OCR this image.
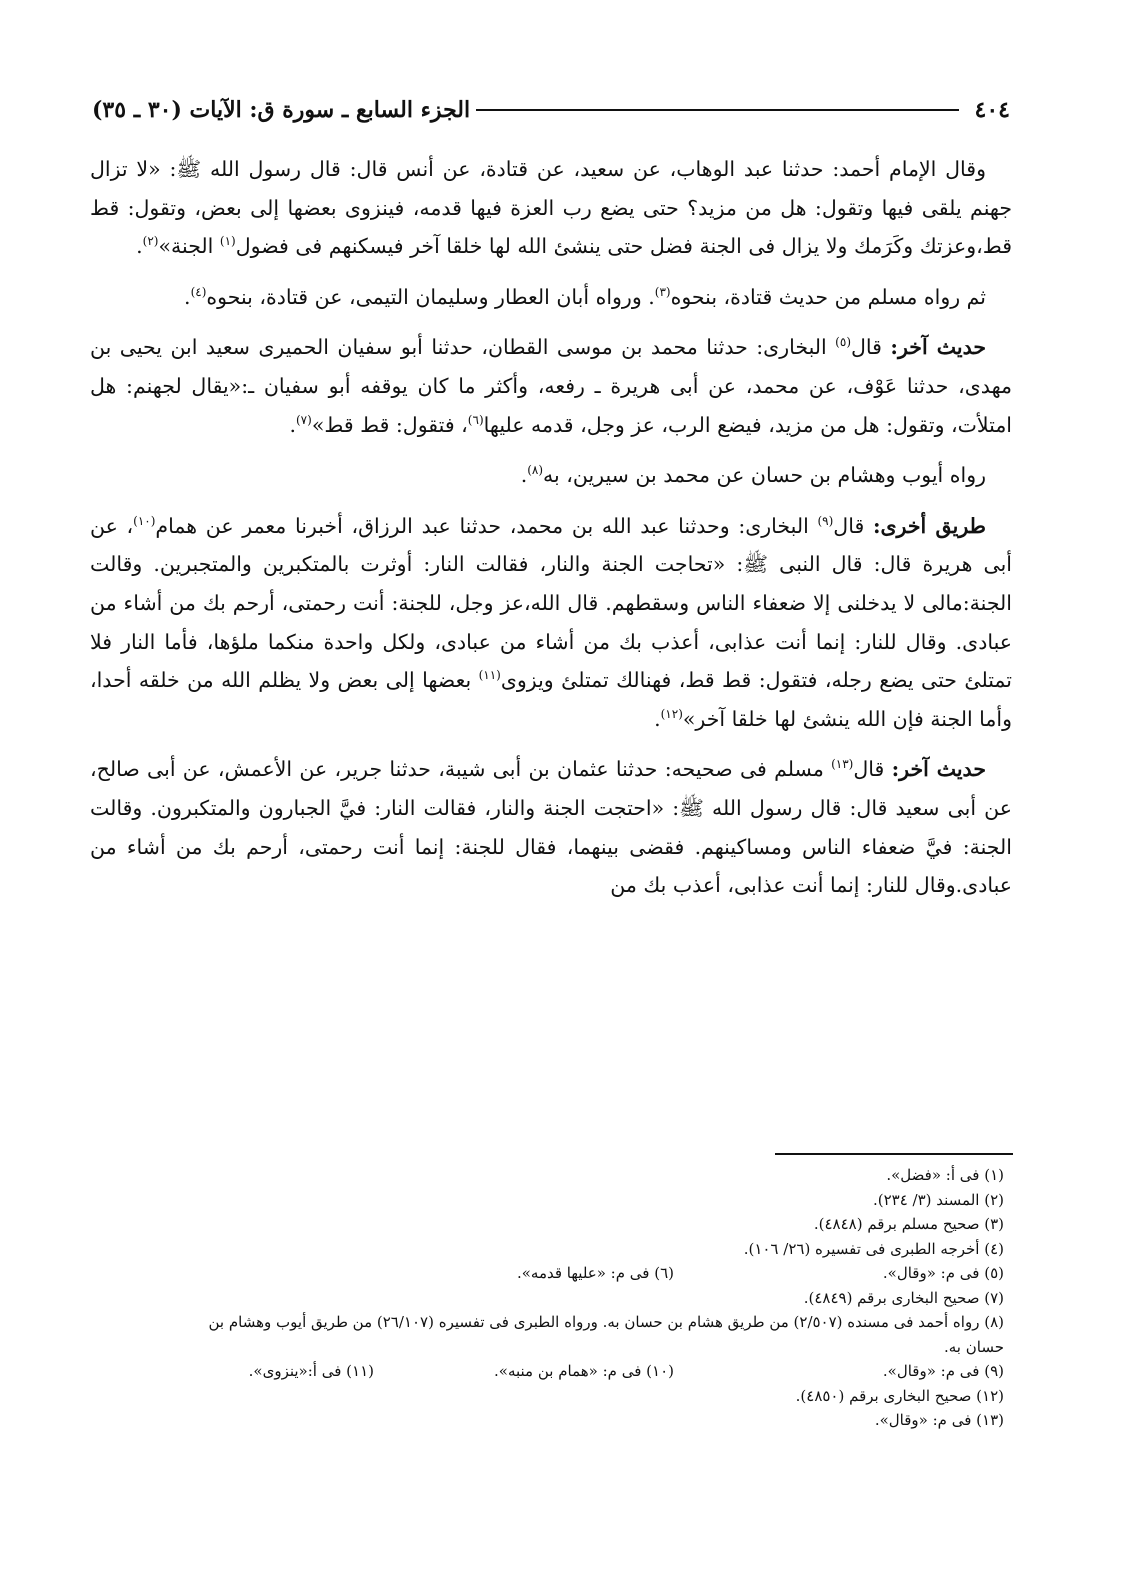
٤٠٤
الجزء السابع ـ سورة ق: الآيات (٣٠ ـ ٣٥)

وقال الإمام أحمد: حدثنا عبد الوهاب، عن سعيد، عن قتادة، عن أنس قال: قال رسول الله ﷺ: «لا تزال جهنم يلقى فيها وتقول: هل من مزيد؟ حتى يضع رب العزة فيها قدمه، فينزوى بعضها إلى بعض، وتقول: قط قط،وعزتك وكَرَمك ولا يزال فى الجنة فضل حتى ينشئ الله لها خلقا آخر فيسكنهم فى فضول$^{(١)}$ الجنة»$^{(٢)}$.

ثم رواه مسلم من حديث قتادة، بنحوه$^{(٣)}$. ورواه أبان العطار وسليمان التيمى، عن قتادة، بنحوه$^{(٤)}$.

حديث آخر: قال$^{(٥)}$ البخارى: حدثنا محمد بن موسى القطان، حدثنا أبو سفيان الحميرى سعيد ابن يحيى بن مهدى، حدثنا عَوْف، عن محمد، عن أبى هريرة ـ رفعه، وأكثر ما كان يوقفه أبو سفيان ـ:«يقال لجهنم: هل امتلأت، وتقول: هل من مزيد، فيضع الرب، عز وجل، قدمه عليها$^{(٦)}$، فتقول: قط قط»$^{(٧)}$.

رواه أيوب وهشام بن حسان عن محمد بن سيرين، به$^{(٨)}$.

طريق أخرى: قال$^{(٩)}$ البخارى: وحدثنا عبد الله بن محمد، حدثنا عبد الرزاق، أخبرنا معمر عن همام$^{(١٠)}$، عن أبى هريرة قال: قال النبى ﷺ: «تحاجت الجنة والنار، فقالت النار: أوثرت بالمتكبرين والمتجبرين. وقالت الجنة:مالى لا يدخلنى إلا ضعفاء الناس وسقطهم. قال الله،عز وجل، للجنة: أنت رحمتى، أرحم بك من أشاء من عبادى. وقال للنار: إنما أنت عذابى، أعذب بك من أشاء من عبادى، ولكل واحدة منكما ملؤها، فأما النار فلا تمتلئ حتى يضع رجله، فتقول: قط قط، فهنالك تمتلئ ويزوى$^{(١١)}$ بعضها إلى بعض ولا يظلم الله من خلقه أحدا، وأما الجنة فإن الله ينشئ لها خلقا آخر»$^{(١٢)}$.

حديث آخر: قال$^{(١٣)}$ مسلم فى صحيحه: حدثنا عثمان بن أبى شيبة، حدثنا جرير، عن الأعمش، عن أبى صالح، عن أبى سعيد قال: قال رسول الله ﷺ: «احتجت الجنة والنار، فقالت النار: فيَّ الجبارون والمتكبرون. وقالت الجنة: فيَّ ضعفاء الناس ومساكينهم. فقضى بينهما، فقال للجنة: إنما أنت رحمتى، أرحم بك من أشاء من عبادى.وقال للنار: إنما أنت عذابى، أعذب بك من

(١) فى أ: «فضل».

(٢) المسند (٣/ ٢٣٤).

(٣) صحيح مسلم برقم (٤٨٤٨).

(٤) أخرجه الطبرى فى تفسيره (٢٦/ ١٠٦).

(٥) فى م: «وقال».
(٦) فى م: «عليها قدمه».

(٧) صحيح البخارى برقم (٤٨٤٩).

(٨) رواه أحمد فى مسنده (٢/٥٠٧) من طريق هشام بن حسان به. ورواه الطبرى فى تفسيره (٢٦/١٠٧) من طريق أيوب وهشام بن

حسان به.

(٩) فى م: «وقال».
(١٠) فى م: «همام بن منبه».
(١١) فى أ:«ينزوى».

(١٢) صحيح البخارى برقم (٤٨٥٠).

(١٣) فى م: «وقال».
